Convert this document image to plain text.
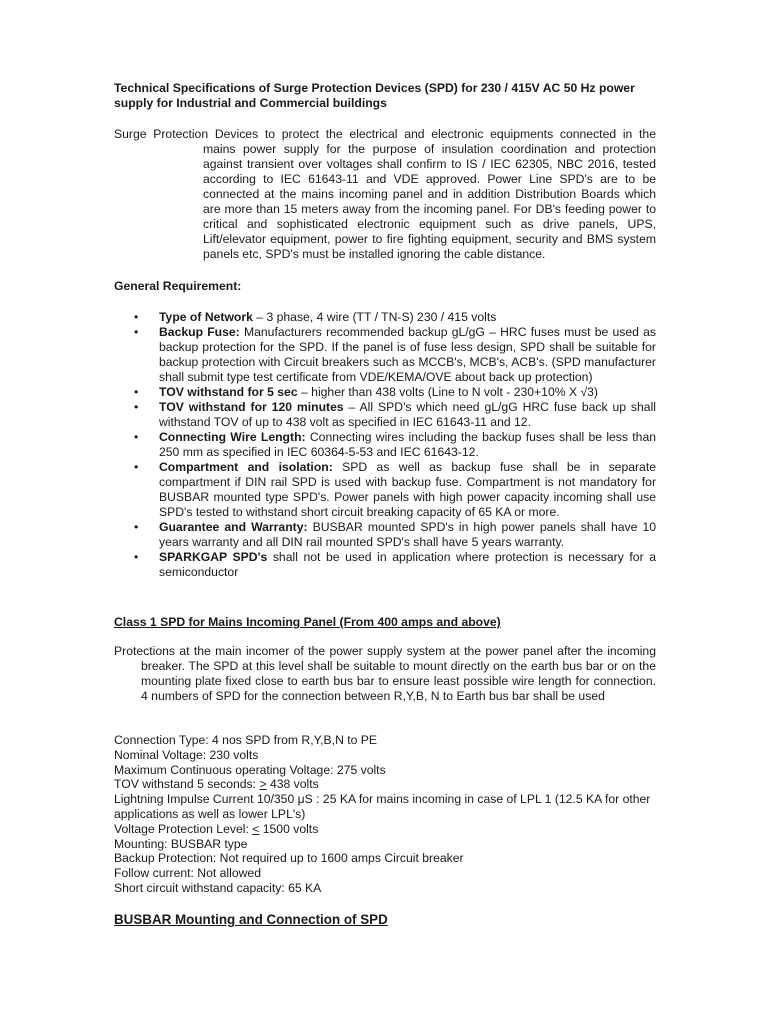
Technical Specifications of Surge Protection Devices (SPD) for 230 / 415V AC 50 Hz power supply for Industrial and Commercial buildings
Surge Protection Devices to protect the electrical and electronic equipments connected in the
mains power supply for the purpose of insulation coordination and protection against transient over voltages shall confirm to IS / IEC 62305, NBC 2016, tested according to IEC 61643-11 and VDE approved. Power Line SPD's are to be connected at the mains incoming panel and in addition Distribution Boards which are more than 15 meters away from the incoming panel. For DB's feeding power to critical and sophisticated electronic equipment such as drive panels, UPS, Lift/elevator equipment, power to fire fighting equipment, security and BMS system panels etc, SPD's must be installed ignoring the cable distance.
General Requirement:
• Type of Network – 3 phase, 4 wire (TT / TN-S) 230 / 415 volts
• Backup Fuse: Manufacturers recommended backup gL/gG – HRC fuses must be used as backup protection for the SPD. If the panel is of fuse less design, SPD shall be suitable for backup protection with Circuit breakers such as MCCB's, MCB's, ACB's. (SPD manufacturer shall submit type test certificate from VDE/KEMA/OVE about back up protection)
• TOV withstand for 5 sec – higher than 438 volts (Line to N volt - 230+10% X √3)
• TOV withstand for 120 minutes – All SPD's which need gL/gG HRC fuse back up shall withstand TOV of up to 438 volt as specified in IEC 61643-11 and 12.
• Connecting Wire Length: Connecting wires including the backup fuses shall be less than 250 mm as specified in IEC 60364-5-53 and IEC 61643-12.
• Compartment and isolation: SPD as well as backup fuse shall be in separate compartment if DIN rail SPD is used with backup fuse. Compartment is not mandatory for BUSBAR mounted type SPD's. Power panels with high power capacity incoming shall use SPD's tested to withstand short circuit breaking capacity of 65 KA or more.
• Guarantee and Warranty: BUSBAR mounted SPD's in high power panels shall have 10 years warranty and all DIN rail mounted SPD's shall have 5 years warranty.
• SPARKGAP SPD's shall not be used in application where protection is necessary for a semiconductor
Class 1 SPD for Mains Incoming Panel (From 400 amps and above)
Protections at the main incomer of the power supply system at the power panel after the incoming breaker. The SPD at this level shall be suitable to mount directly on the earth bus bar or on the mounting plate fixed close to earth bus bar to ensure least possible wire length for connection. 4 numbers of SPD for the connection between R,Y,B, N to Earth bus bar shall be used
Connection Type: 4 nos SPD from R,Y,B,N to PE
Nominal Voltage: 230 volts
Maximum Continuous operating Voltage: 275 volts
TOV withstand 5 seconds: > 438 volts
Lightning Impulse Current 10/350 μS : 25 KA for mains incoming in case of LPL 1 (12.5 KA for other applications as well as lower LPL's)
Voltage Protection Level: < 1500 volts
Mounting: BUSBAR type
Backup Protection: Not required up to 1600 amps Circuit breaker
Follow current: Not allowed
Short circuit withstand capacity: 65 KA
BUSBAR Mounting and Connection of SPD
